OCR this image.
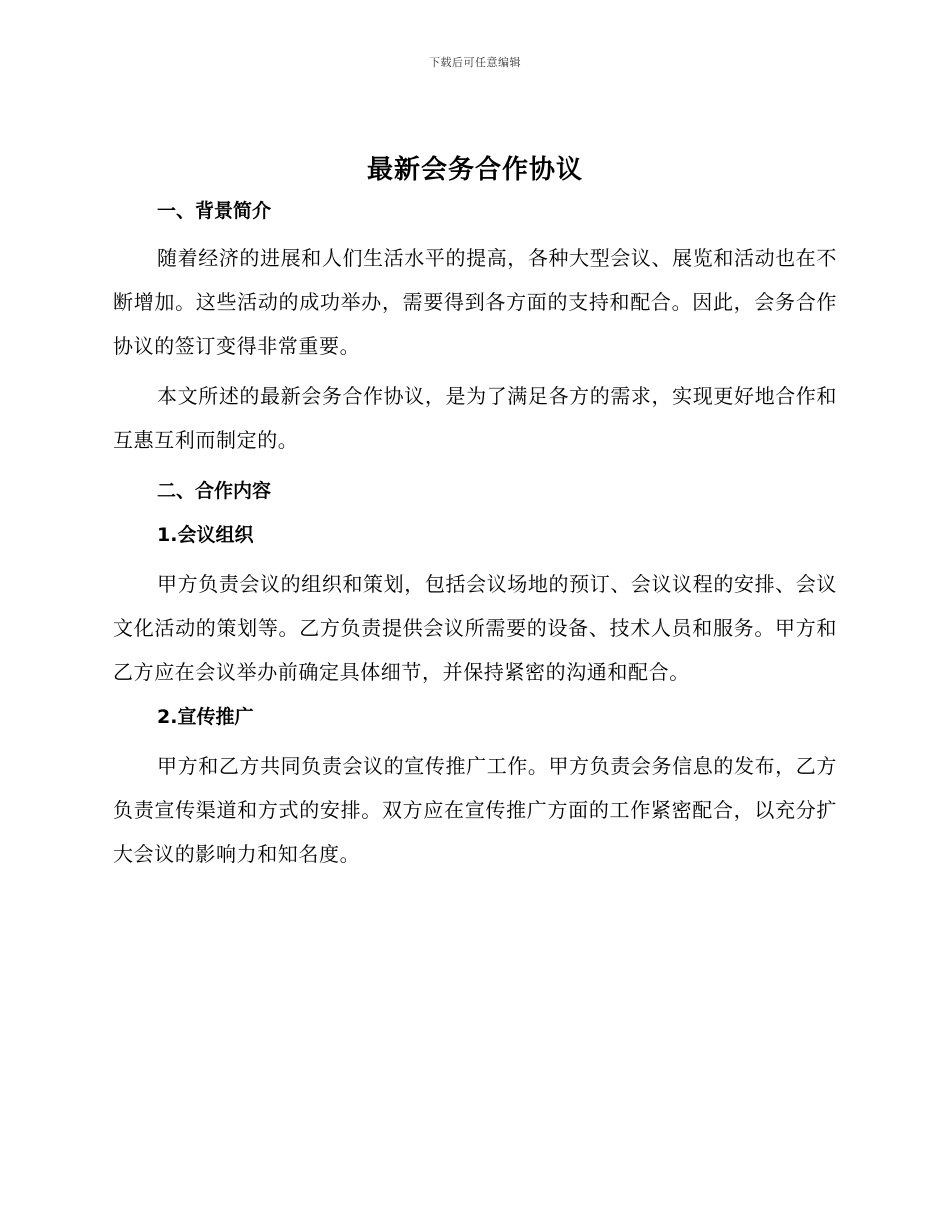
下载后可任意编辑
最新会务合作协议
一、背景简介

随着经济的进展和人们生活水平的提高，各种大型会议、展览和活动也在不断增加。这些活动的成功举办，需要得到各方面的支持和配合。因此，会务合作协议的签订变得非常重要。

本文所述的最新会务合作协议，是为了满足各方的需求，实现更好地合作和互惠互利而制定的。

二、合作内容
1.会议组织

甲方负责会议的组织和策划，包括会议场地的预订、会议议程的安排、会议文化活动的策划等。乙方负责提供会议所需要的设备、技术人员和服务。甲方和乙方应在会议举办前确定具体细节，并保持紧密的沟通和配合。

2.宣传推广

甲方和乙方共同负责会议的宣传推广工作。甲方负责会务信息的发布，乙方负责宣传渠道和方式的安排。双方应在宣传推广方面的工作紧密配合，以充分扩大会议的影响力和知名度。
